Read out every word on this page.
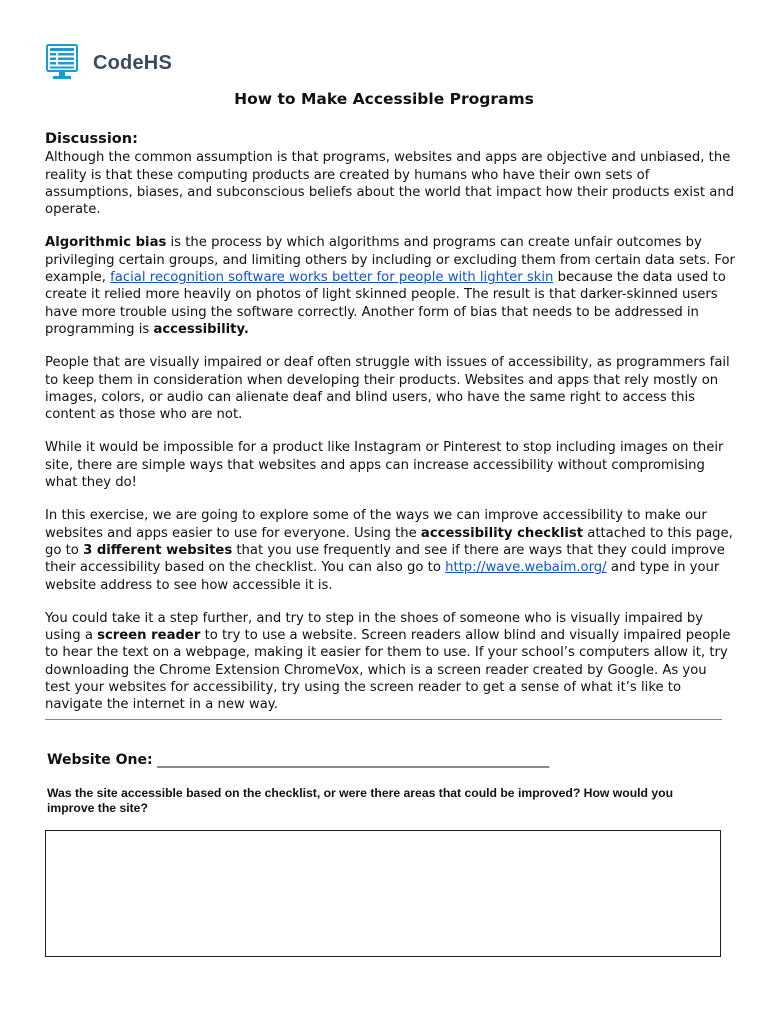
CodeHS
How to Make Accessible Programs
Discussion:

Although the common assumption is that programs, websites and apps are objective and unbiased, the reality is that these computing products are created by humans who have their own sets of assumptions, biases, and subconscious beliefs about the world that impact how their products exist and operate.

Algorithmic bias is the process by which algorithms and programs can create unfair outcomes by privileging certain groups, and limiting others by including or excluding them from certain data sets. For example, facial recognition software works better for people with lighter skin because the data used to create it relied more heavily on photos of light skinned people. The result is that darker-skinned users have more trouble using the software correctly. Another form of bias that needs to be addressed in programming is accessibility.

People that are visually impaired or deaf often struggle with issues of accessibility, as programmers fail to keep them in consideration when developing their products. Websites and apps that rely mostly on images, colors, or audio can alienate deaf and blind users, who have the same right to access this content as those who are not.

While it would be impossible for a product like Instagram or Pinterest to stop including images on their site, there are simple ways that websites and apps can increase accessibility without compromising what they do!

In this exercise, we are going to explore some of the ways we can improve accessibility to make our websites and apps easier to use for everyone. Using the accessibility checklist attached to this page, go to 3 different websites that you use frequently and see if there are ways that they could improve their accessibility based on the checklist. You can also go to http://wave.webaim.org/ and type in your website address to see how accessible it is.

You could take it a step further, and try to step in the shoes of someone who is visually impaired by using a screen reader to try to use a website. Screen readers allow blind and visually impaired people to hear the text on a webpage, making it easier for them to use. If your school’s computers allow it, try downloading the Chrome Extension ChromeVox, which is a screen reader created by Google. As you test your websites for accessibility, try using the screen reader to get a sense of what it’s like to navigate the internet in a new way.

Website One: ________________________________________________________
Was the site accessible based on the checklist, or were there areas that could be improved? How would you improve the site?
